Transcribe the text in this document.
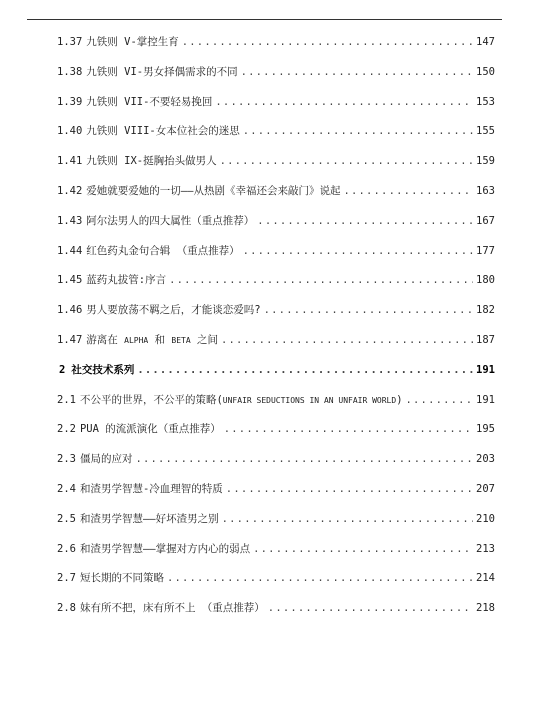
1.37 九铁则 V-掌控生育 .....	147
1.38 九铁则 VI-男女择偶需求的不同 .....	150
1.39 九铁则 VII-不要轻易挽回 .....	153
1.40 九铁则 VIII-女本位社会的迷思 .....	155
1.41 九铁则 IX-挺胸抬头做男人 .....	159
1.42 爱她就要爱她的一切——从热剧《幸福还会来敲门》说起 .....	163
1.43 阿尔法男人的四大属性（重点推荐） .....	167
1.44 红色药丸金句合辑 （重点推荐） .....	177
1.45 蓝药丸拔管:序言 .....	180
1.46 男人要放荡不羁之后，才能谈恋爱吗? .....	182
1.47 游离在 ALPHA 和 BETA 之间 .....	187
2 社交技术系列 .....	191
2.1 不公平的世界，不公平的策略(UNFAIR SEDUCTIONS IN AN UNFAIR WORLD) .....	191
2.2 PUA 的流派演化（重点推荐） .....	195
2.3 僵局的应对 .....	203
2.4 和渣男学智慧-冷血理智的特质 .....	207
2.5 和渣男学智慧——好坏渣男之别 .....	210
2.6 和渣男学智慧——掌握对方内心的弱点 .....	213
2.7 短长期的不同策略 .....	214
2.8 妹有所不把，床有所不上 （重点推荐） .....	218
